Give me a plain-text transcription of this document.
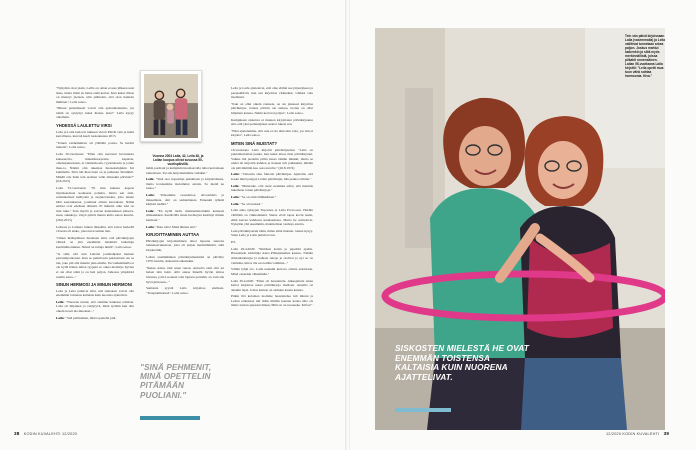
"Nykyään olen yksin. Lailla on oman erossa jälkeen uusi mies, mutta minä en halua enää kertaa. Kun kaksi tiitsaa on mennyt pieleen, niin päättelen, että olen hankala ihminen", Leila sanoo.

"Minun parisuhteeni voivat olla epäonnistuneita, jos niistä on syntynyt kaksi ihanaa lasta!" Laila kysyy olkoihain.

YHDESSÄ LAULETTU VIRSI

Leila ja Laila laulovat lukkeen virren Päiväi vain ja hetki kerrallansa, kun isä kuoli tuokokuussa 2015.

"Toinen vanhemmista oli yllättäin poissa. Se herätti tunteita", Leila sanoo.

Leila 56-vuotiaana: "Ellen olin kertonut luovuteista kuuseerolla, muustikuorpeiste, kepaiste, omenapuusokuan, ai vianhoikosin, ryystöikoulu ja jotain muu-ta. Näiniä olin rakentaa huonekalujukin Isä kummalle. Siitä tuli ihan lisan ou ja puhunna 'mönikkä'. Mikäli ette lisän tein urolkan valin tärkeskin päivisin?" (6.6.2015)

Laila 53-vuotiaana: "Et isän kunnaa kapeaa myöskaudesta koukasan pohutta, mutta sen aisti, samankaltsen helliyden ja suojelevuuden, joita tunsin häät seurauksessa, joudunut ailuan kasvaksen. Nämä entiset ovat edelleen tärkeitä. Ei minulla ollut toki on isän luku." Tein myötä ja saavan kannatuksen päiseva, suun, suukkoja, väsyn päiväi muutu kulla sanon kuuvin. (26.6.2015)

Leilaota ja Lailasta tunnut tärkeältä, että saivat herkellä virressä oli siuko, joka nurai saman tien.

"Oman ikäänymisen huomaan siitä, että päiväkirjojen välissä on yhä enemmän lehdeistä leikattuja kuolinilmoituksia. Niissä on tuttuja nimiä", Laila sanoo.

"Ja siitä, että sain Leilalta joululahjaksi mainen parrannipoikonen. Kun se putkilowin pakastetaan ole se tuu, joko piti alla muurin jaha-ehtiön. Itu vanhemmalla ei ole kyllä hänen tullen tyyppiä se oikea merkitys hyvien ei ole ollut siinä ja on heti paljon. Jatkossa ympäristä saatiin asiaa..."

SINUN HERMOSI JA MINUN HERMONI

Leila ja Laila puhuvat siitä, että siskokset voivat olla enemmän toistensa kaltaisia kuin nuorena ajattelivat.

Leila: "Nuorena tuntui, että olemme kaikessa erilaisia. Laila oli hiljainen ja vetäytyvä, minä tyrmän kun olin oikein tuosti nis-muokset..."

Laila: "Sitä pelimiehen, minä opettelin pitä-

Vuonna 2004 Laila, 42, Leila 48, ja Lailan kuopus olivat suvussa 50-vuotispäivillä.

mään puoliani ja kumpikin huomaavalla tullet kertomaan tunteistaan. Tai siis harjoittelemme vieläkin."

Leila: "Sinä olet nopeampi puhumaan ja kirjoittamaan, mutta ironisemme molemmat asioita. Se meitä ne sanoo."

Laila: "Inhoamme rasanlattoa, siivoamista ja tiskaamista. Äiti on samanlainen. Ennenkä ryhkää kärjistä tiedätä."

Leila: "En kyllä tiedä, marksumatoinikin kanssasi minnekkäen. Kestävällä sinun hermojasi kestänyt minun hermoni."

Laila: "Ihan totta! Minä lähtien että."

KIRJOITTAMINEN AUTTAA

Päiväkirjojen kirjoittaminen alkoi lapsena suurena tunnekasvukustosi, joka oli paljon merkittämistä, siitä kirjoitettiin.

Lailan ensimmäinen päiväkirjamerkintä on päivätty 1970-luvulla, alakoulun aikaisukin.

"Rakas Annu, täsä sanat ruuan, Antoolla eteli olin tei halaat niin lukit. Ällä annaa hänellä hyvän tahtoa luvunsa, jolla Luonnan vain lapisen perintää, on vain siis hyvä juttu kun..."

Samaista syystä Leila kirjoittaa edelleen. "Terapiamielessä", Laila sanoo.

"SINÄ PEHMENIT, MINÄ OPETTELIN PITÄMÄÄN PUOLIANI."

Leila ja Laila ajattelevat, että oma elämä saa järjestyksen ja perspektiiviä, kun sen kirjoittaa virkkeiksi, valikka vain itsellensä.

"Kun on ollut oikein raskasta, on ole jakaneet kirjoittaa päiväkirjaa. Joskus päivätt ole surkua, luolua on ollut hiljainen kanssa. Nehin kertovat paljon", Leila sanoo.

Kumpikaan siskoista ei muuten kirjoittanut päiväkirjaansa sitä, että yksi perheenjäsen saattoi luketa sen.

"Eikä ajattelemme, että asia ei ole ihan niin totta, jos sitä ei kirjoita", Leila sanoo.

MITEN SINÄ MUISTAT?

16-vuotiaana Leila kirjoitti päiväkirjaansa: "Laila on puutumattoman puuka, kuu keksi ainoa mua päiväkirjaani. Vaikka mä jaettelin pillin kassa tänään minkki, mutta se uudel eli kirjoitin kahden ja tieneen tuli paikkakin, mitään ole päivimättiin kaa ossa nuvelle." (26.8.1974)

Laila: "Tehostin aina faktoita päiväkirjaa. Ajattelin, että koska minä pengon Leilan päiväkirjat, hän penkoo minun."

Leila: "Muistatko, että olaut eaatukka astist, että meninis lukemaan toisen päiväkirjoja."

Laila: "Se on ollut tälläkkäinen."

Leila: "Se oli tuuttasi."

Laila anna syksyjen Tuposnaa ja Laila Porvoossa. Heidän välillään on viikkomäenä. Siskot eivät tapaa kovin usein, ehkä kerran kahdessa kuukaudessa. Mutta he soittelevat. Nykyään yhä useammin, mainitellaan vanhoja asioita.

Luin päiväkirjastani nään, miten siinä muistat, toinen kysyy. Siten Leila ja Laila puhuvat taas.

P.S.

Laila 29.4.2020: "Silmässi kotiin ja pipettitä ajattin. Haastattelu toimittuja Anna Pihlajaniemen kanssa. Tänään rimaanlantuujaa ja kaikasi rekoja ja oletivat ja nyt se on valmiina, kiitos tila saa teidän valmiina..."

Vähän tyhjä olo. Laila uuskuhi kertova omista asioistaan. Minä otsaudun vähemmän."

Laila 30.4.2020: "Eilen oli haastattelu. Alkuajattelu Anna kertoi kirjoittaa uusia päiväkirjoja itselleen. Annalla on ainakin lapsi. Johon keinon on aamuun kauan kanssa.

Pitkin iltä kelomen tuomme haastattelua tuli minun ja Leilan erikoksaa tuli mille mitään kaunan koska sille oli muita toisten ajassaan hänen, Mitä on on tuosteeke. Kiitos!"

38 KODIN KUVALEHTI 12/2020
Tein vän päivä kirjoissaan Laila (vasemmalla) ja Leila valittivat tunnetaan arkea paljon. Joskus mahtui kaikenkin ja siitä myös merkinnällistä, joissa pilkahti onnensäinen. Lailan 55-vuotiaana Laila kirjoitti: "Leila opetti mua tuon vähä soittaa harmoonia. Kiva."
SISKOSTEN MIELESTÄ HE OVAT ENEMMÄN TOISTENSA KALTAISIA KUIN NUORENA AJATTELIVAT.
12/2020 KODIN KUVALEHTI 39
